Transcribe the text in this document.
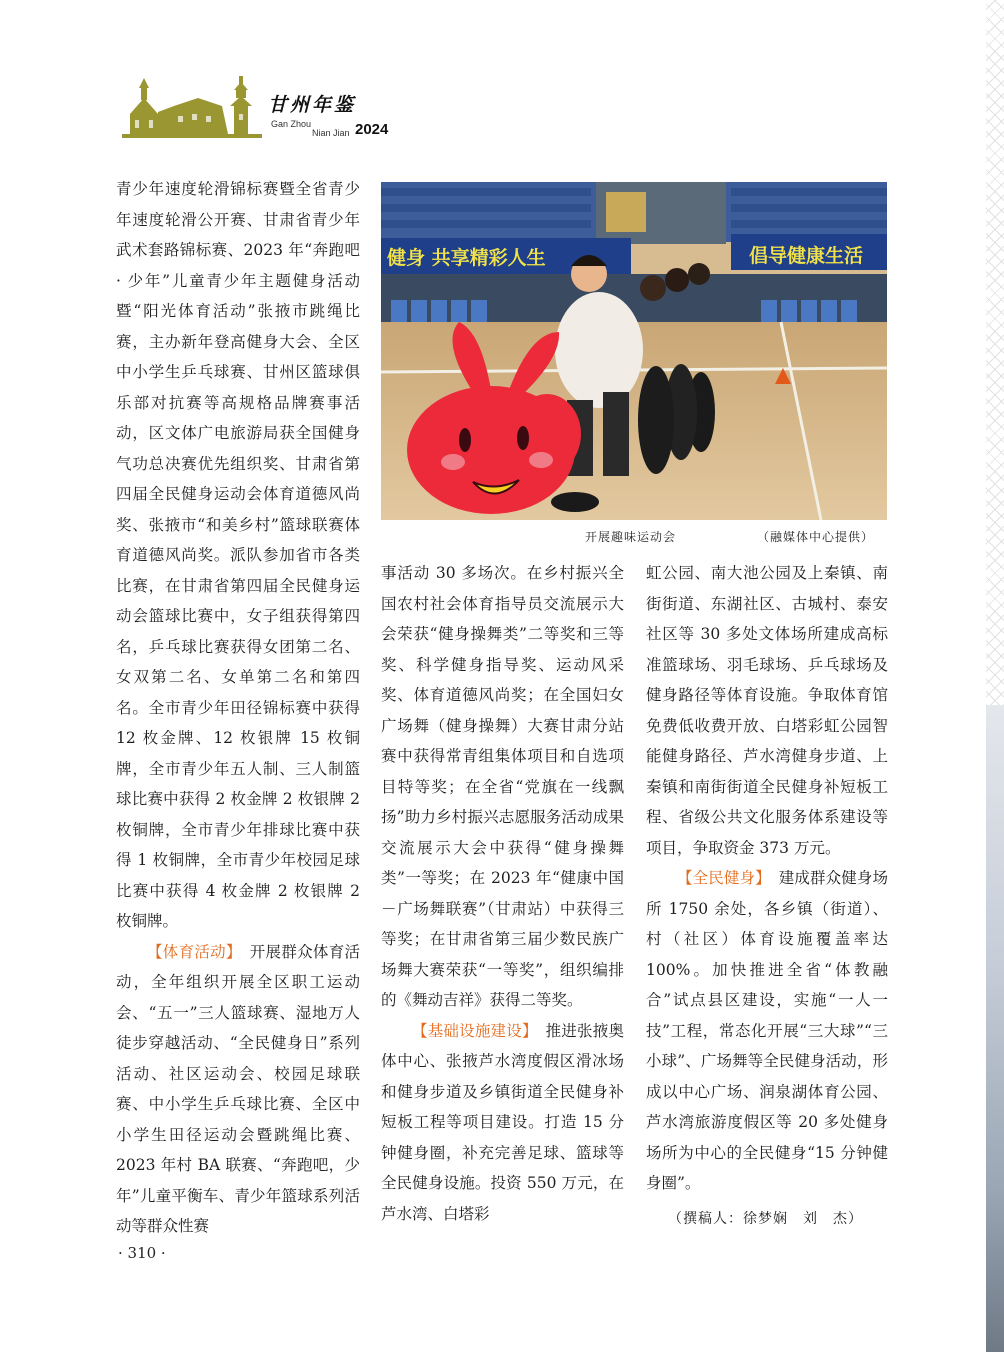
甘州年鉴
Gan Zhou
Nian Jian 2024

青少年速度轮滑锦标赛暨全省青少年速度轮滑公开赛、甘肃省青少年武术套路锦标赛、2023 年“奔跑吧 · 少年”儿童青少年主题健身活动暨“阳光体育活动”张掖市跳绳比赛，主办新年登高健身大会、全区中小学生乒乓球赛、甘州区篮球俱乐部对抗赛等高规格品牌赛事活动，区文体广电旅游局获全国健身气功总决赛优先组织奖、甘肃省第四届全民健身运动会体育道德风尚奖、张掖市“和美乡村”篮球联赛体育道德风尚奖。派队参加省市各类比赛，在甘肃省第四届全民健身运动会篮球比赛中，女子组获得第四名，乒乓球比赛获得女团第二名、女双第二名、女单第二名和第四名。全市青少年田径锦标赛中获得 12 枚金牌、12 枚银牌 15 枚铜牌，全市青少年五人制、三人制篮球比赛中获得 2 枚金牌 2 枚银牌 2 枚铜牌，全市青少年排球比赛中获得 1 枚铜牌，全市青少年校园足球比赛中获得 4 枚金牌 2 枚银牌 2 枚铜牌。

【体育活动】　 开展群众体育活动，全年组织开展全区职工运动会、“五一”三人篮球赛、湿地万人徒步穿越活动、“全民健身日”系列活动、社区运动会、校园足球联赛、中小学生乒乓球比赛、全区中小学生田径运动会暨跳绳比赛、2023 年村 BA 联赛、“奔跑吧，少年”儿童平衡车、青少年篮球系列活动等群众性赛

健身 共享精彩人生	倡导健康生活
开展趣味运动会	（融媒体中心提供）

事活动 30 多场次。在乡村振兴全国农村社会体育指导员交流展示大会荣获“健身操舞类”二等奖和三等奖、科学健身指导奖、运动风采奖、体育道德风尚奖；在全国妇女广场舞（健身操舞）大赛甘肃分站赛中获得常青组集体项目和自选项目特等奖；在全省“党旗在一线飘扬”助力乡村振兴志愿服务活动成果交流展示大会中获得“健身操舞类”一等奖；在 2023 年“健康中国－广场舞联赛”（甘肃站）中获得三等奖；在甘肃省第三届少数民族广场舞大赛荣获“一等奖”，组织编排的《舞动吉祥》获得二等奖。

【基础设施建设】　 推进张掖奥体中心、张掖芦水湾度假区滑冰场和健身步道及乡镇街道全民健身补短板工程等项目建设。打造 15 分钟健身圈，补充完善足球、篮球等全民健身设施。投资 550 万元，在芦水湾、白塔彩

虹公园、南大池公园及上秦镇、南街街道、东湖社区、古城村、泰安社区等 30 多处文体场所建成高标准篮球场、羽毛球场、乒乓球场及健身路径等体育设施。争取体育馆免费低收费开放、白塔彩虹公园智能健身路径、芦水湾健身步道、上秦镇和南街街道全民健身补短板工程、省级公共文化服务体系建设等项目，争取资金 373 万元。

【全民健身】　 建成群众健身场所 1750 余处，各乡镇（街道）、村（社区）体育设施覆盖率达 100%。加快推进全省“体教融合”试点县区建设，实施“一人一技”工程，常态化开展“三大球”“三小球”、广场舞等全民健身活动，形成以中心广场、润泉湖体育公园、芦水湾旅游度假区等 20 多处健身场所为中心的全民健身“15 分钟健身圈”。

（撰稿人：徐梦娴　刘　杰）
· 310 ·
